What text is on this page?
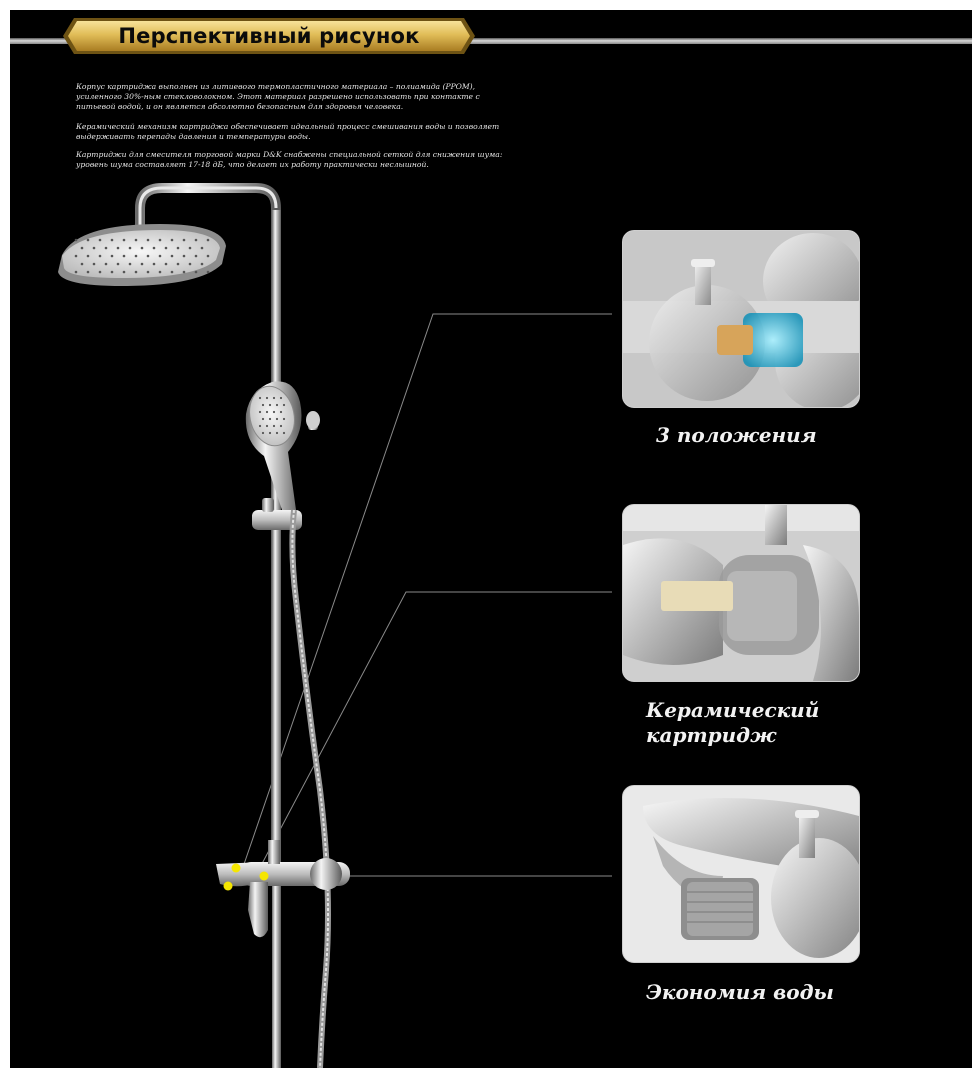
Перспективный рисунок

Корпус картриджа выполнен из литиевого термопластичного материала – полиамида (PPOM), усиленного 30%-ным стекловолокном. Этот материал разрешено использовать при контакте с питьевой водой, и он является абсолютно безопасным для здоровья человека.

Керамический механизм картриджа обеспечивает идеальный процесс смешивания воды и позволяет выдерживать перепады давления и температуры воды.

Картриджи для смесителя торговой марки D&K снабжены специальной сеткой для снижения шума: уровень шума составляет 17-18 дБ, что делает их работу практически неслышной.

3 положения

Керамический
картридж

Экономия воды
